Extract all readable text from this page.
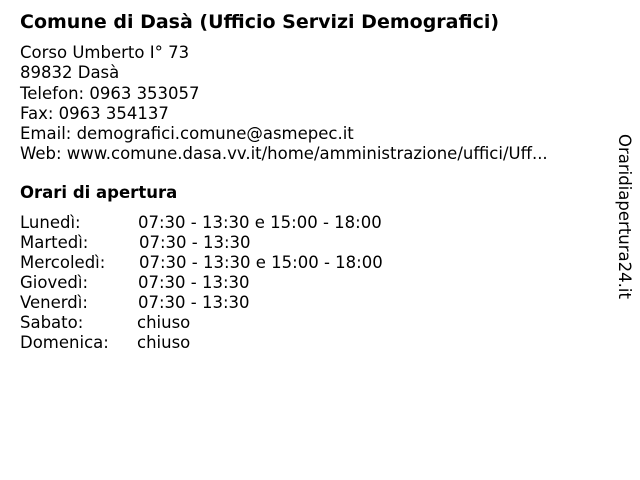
Comune di Dasà (Ufficio Servizi Demografici)
Corso Umberto I° 73
89832 Dasà
Telefon: 0963 353057
Fax: 0963 354137
Email: demografici.comune@asmepec.it
Web: www.comune.dasa.vv.it/home/amministrazione/uffici/Uff...
Orari di apertura
Lunedì:	07:30 - 13:30 e 15:00 - 18:00
Martedì:	07:30 - 13:30
Mercoledì: 07:30 - 13:30 e 15:00 - 18:00
Giovedì:	07:30 - 13:30
Venerdì:	07:30 - 13:30
Sabato:	chiuso
Domenica: chiuso
Oraridiapertura24.it
